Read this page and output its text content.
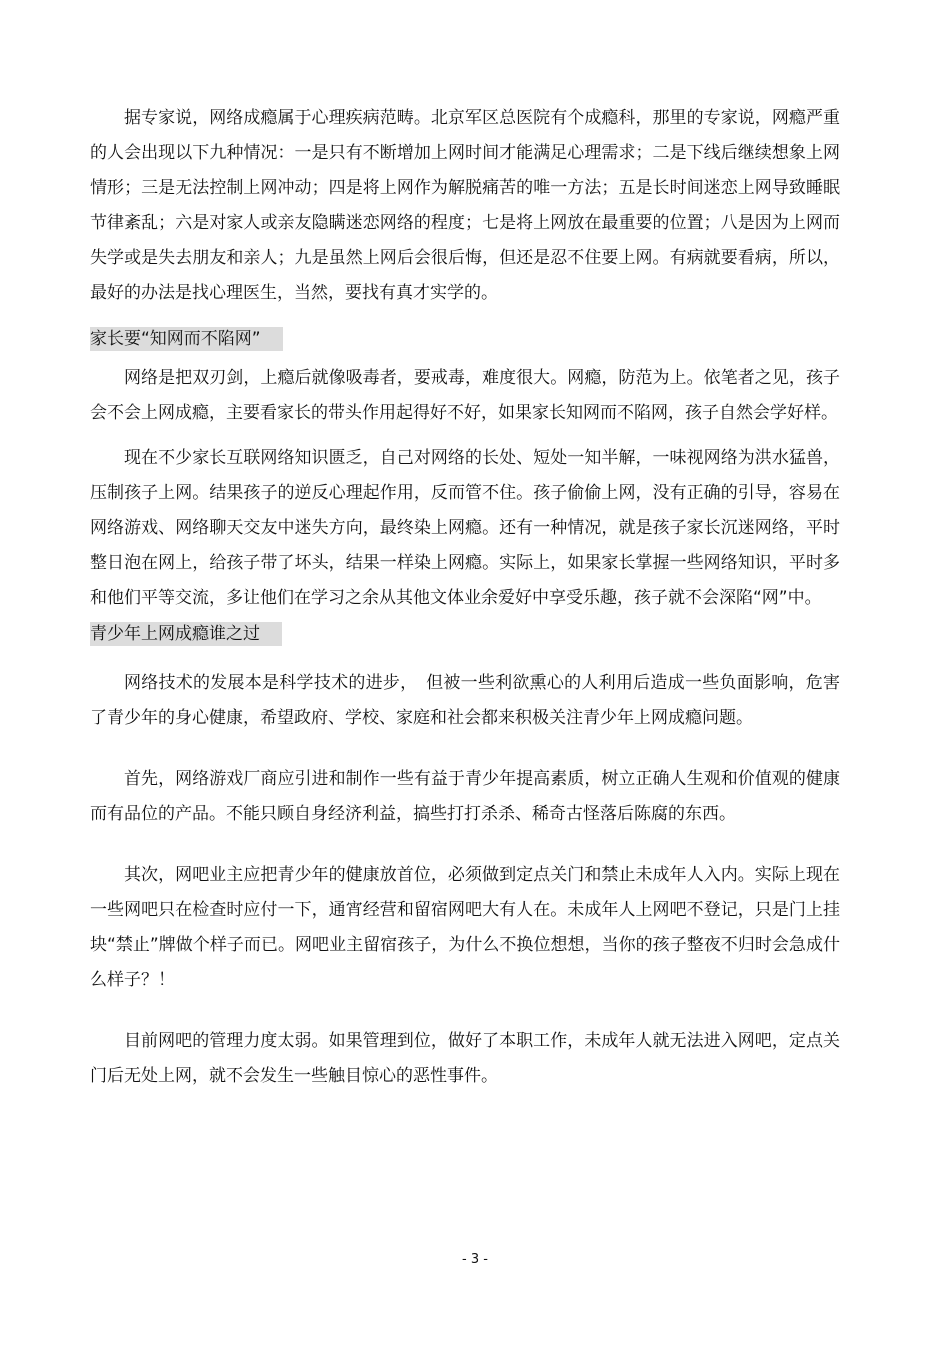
据专家说，网络成瘾属于心理疾病范畴。北京军区总医院有个成瘾科，那里的专家说，网瘾严重的人会出现以下九种情况：一是只有不断增加上网时间才能满足心理需求；二是下线后继续想象上网情形；三是无法控制上网冲动；四是将上网作为解脱痛苦的唯一方法；五是长时间迷恋上网导致睡眠节律紊乱；六是对家人或亲友隐瞒迷恋网络的程度；七是将上网放在最重要的位置；八是因为上网而失学或是失去朋友和亲人；九是虽然上网后会很后悔，但还是忍不住要上网。有病就要看病，所以，最好的办法是找心理医生，当然，要找有真才实学的。

家长要“知网而不陷网”

网络是把双刃剑，上瘾后就像吸毒者，要戒毒，难度很大。网瘾，防范为上。依笔者之见，孩子会不会上网成瘾，主要看家长的带头作用起得好不好，如果家长知网而不陷网，孩子自然会学好样。

现在不少家长互联网络知识匮乏，自己对网络的长处、短处一知半解，一味视网络为洪水猛兽，压制孩子上网。结果孩子的逆反心理起作用，反而管不住。孩子偷偷上网，没有正确的引导，容易在网络游戏、网络聊天交友中迷失方向，最终染上网瘾。还有一种情况，就是孩子家长沉迷网络，平时整日泡在网上，给孩子带了坏头，结果一样染上网瘾。实际上，如果家长掌握一些网络知识，平时多和他们平等交流，多让他们在学习之余从其他文体业余爱好中享受乐趣，孩子就不会深陷“网”中。

青少年上网成瘾谁之过

网络技术的发展本是科学技术的进步，　但被一些利欲熏心的人利用后造成一些负面影响，危害了青少年的身心健康，希望政府、学校、家庭和社会都来积极关注青少年上网成瘾问题。

首先，网络游戏厂商应引进和制作一些有益于青少年提高素质，树立正确人生观和价值观的健康而有品位的产品。不能只顾自身经济利益，搞些打打杀杀、稀奇古怪落后陈腐的东西。

其次，网吧业主应把青少年的健康放首位，必须做到定点关门和禁止未成年人入内。实际上现在一些网吧只在检查时应付一下，通宵经营和留宿网吧大有人在。未成年人上网吧不登记，只是门上挂块“禁止”牌做个样子而已。网吧业主留宿孩子，为什么不换位想想，当你的孩子整夜不归时会急成什么样子？！

目前网吧的管理力度太弱。如果管理到位，做好了本职工作，未成年人就无法进入网吧，定点关门后无处上网，就不会发生一些触目惊心的恶性事件。

- 3 -
